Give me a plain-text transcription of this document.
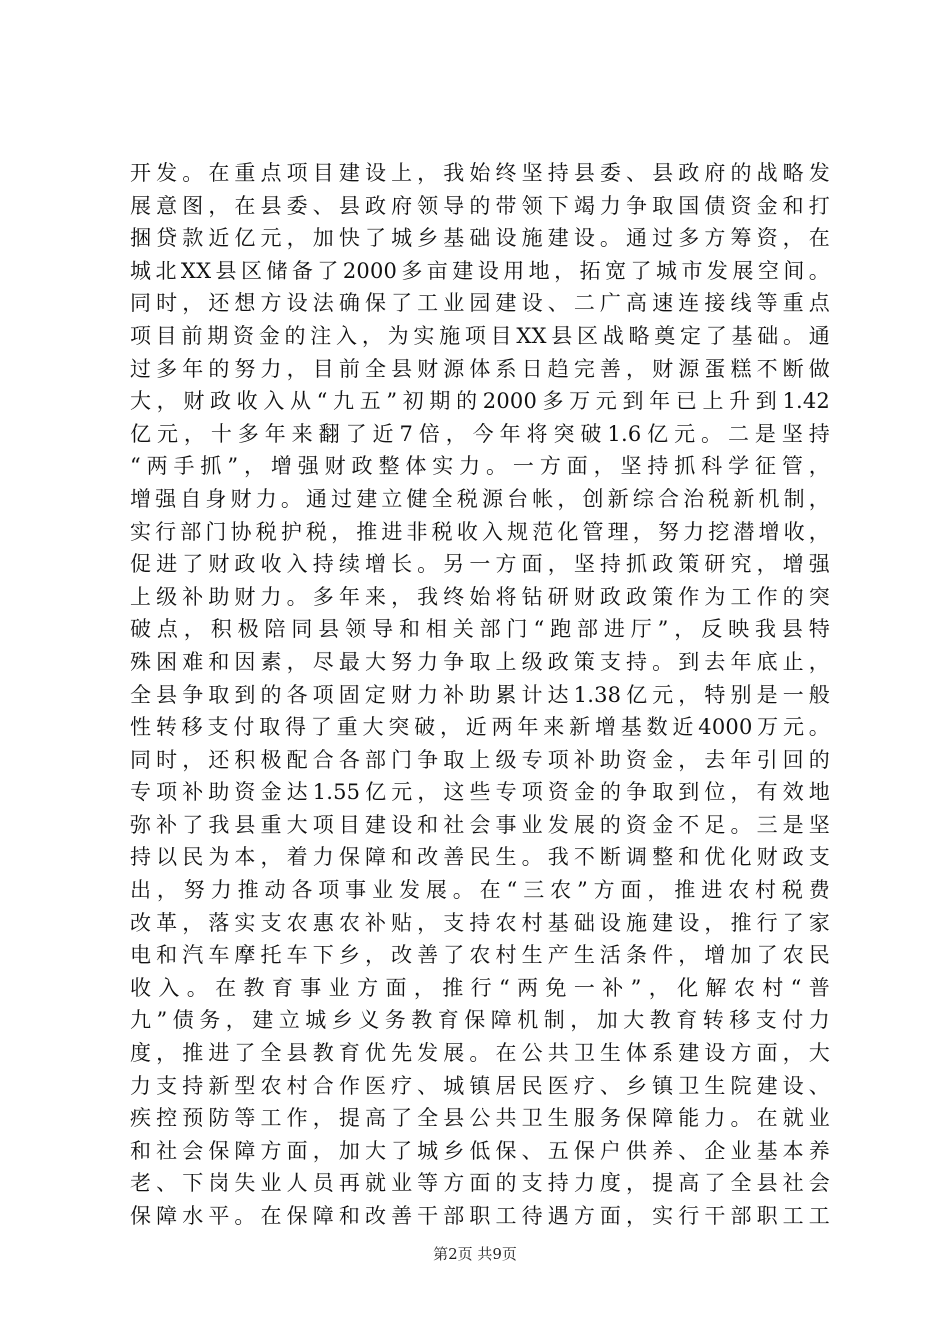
开发。在重点项目建设上，我始终坚持县委、县政府的战略发
展意图，在县委、县政府领导的带领下竭力争取国债资金和打
捆贷款近亿元，加快了城乡基础设施建设。通过多方筹资，在
城北XX县区储备了2000多亩建设用地，拓宽了城市发展空间。
同时，还想方设法确保了工业园建设、二广高速连接线等重点
项目前期资金的注入，为实施项目XX县区战略奠定了基础。通
过多年的努力，目前全县财源体系日趋完善，财源蛋糕不断做
大，财政收入从“九五”初期的2000多万元到年已上升到1.42
亿元，十多年来翻了近7倍，今年将突破1.6亿元。二是坚持
“两手抓”，增强财政整体实力。一方面，坚持抓科学征管，
增强自身财力。通过建立健全税源台帐，创新综合治税新机制，
实行部门协税护税，推进非税收入规范化管理，努力挖潜增收，
促进了财政收入持续增长。另一方面，坚持抓政策研究，增强
上级补助财力。多年来，我终始将钻研财政政策作为工作的突
破点，积极陪同县领导和相关部门“跑部进厅”，反映我县特
殊困难和因素，尽最大努力争取上级政策支持。到去年底止，
全县争取到的各项固定财力补助累计达1.38亿元，特别是一般
性转移支付取得了重大突破，近两年来新增基数近4000万元。
同时，还积极配合各部门争取上级专项补助资金，去年引回的
专项补助资金达1.55亿元，这些专项资金的争取到位，有效地
弥补了我县重大项目建设和社会事业发展的资金不足。三是坚
持以民为本，着力保障和改善民生。我不断调整和优化财政支
出，努力推动各项事业发展。在“三农”方面，推进农村税费
改革，落实支农惠农补贴，支持农村基础设施建设，推行了家
电和汽车摩托车下乡，改善了农村生产生活条件，增加了农民
收入。在教育事业方面，推行“两免一补”，化解农村“普
九”债务，建立城乡义务教育保障机制，加大教育转移支付力
度，推进了全县教育优先发展。在公共卫生体系建设方面，大
力支持新型农村合作医疗、城镇居民医疗、乡镇卫生院建设、
疾控预防等工作，提高了全县公共卫生服务保障能力。在就业
和社会保障方面，加大了城乡低保、五保户供养、企业基本养
老、下岗失业人员再就业等方面的支持力度，提高了全县社会
保障水平。在保障和改善干部职工待遇方面，实行干部职工工
第2页 共9页
